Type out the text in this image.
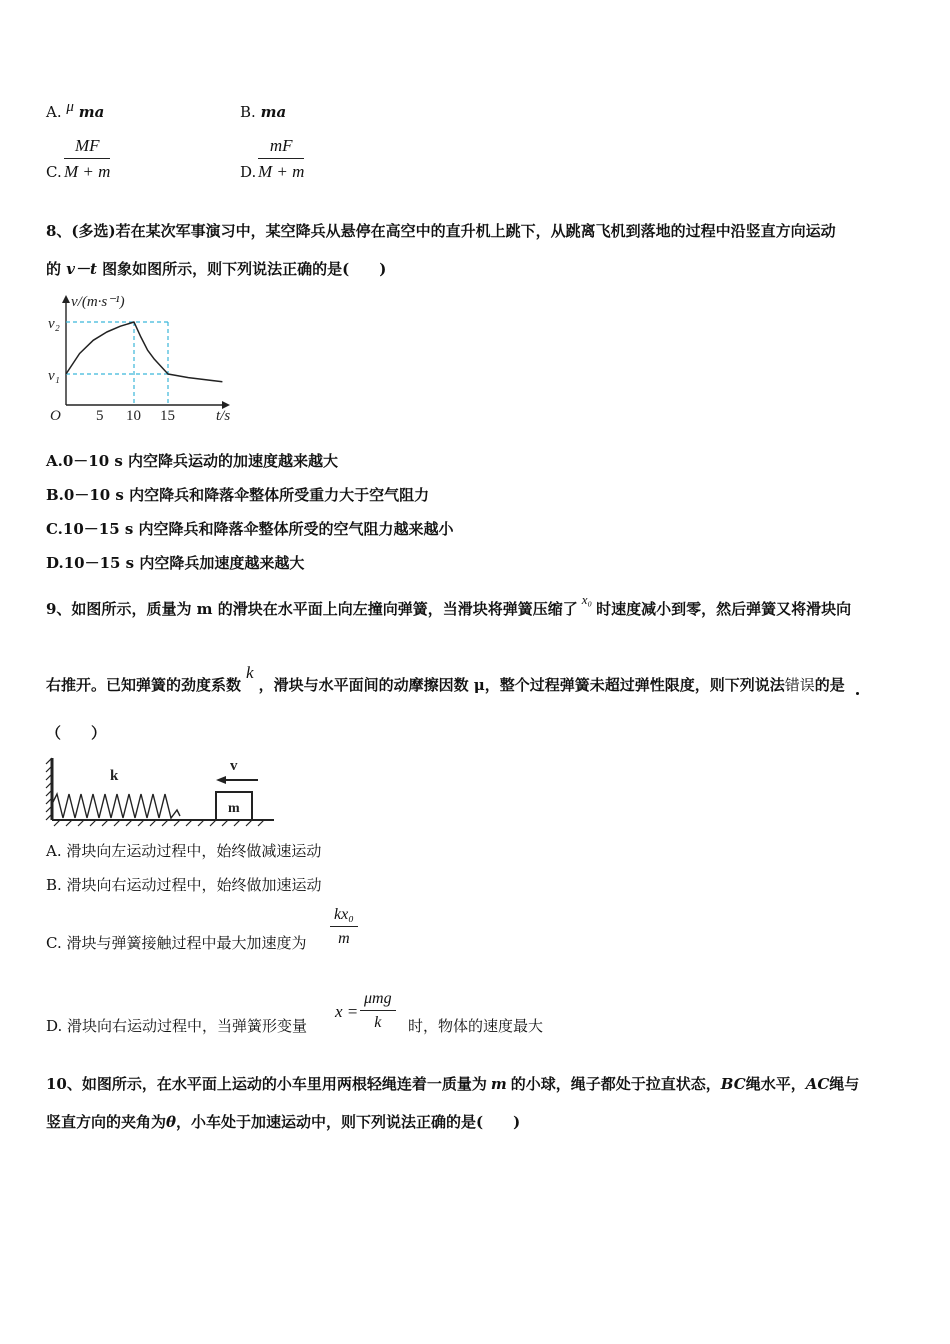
A. μ ma	B. ma
C. $\frac{MF}{M + m}$	D. $\frac{mF}{M + m}$
8、(多选)若在某次军事演习中，某空降兵从悬停在高空中的直升机上跳下，从跳离飞机到落地的过程中沿竖直方向运动
的 v－t 图象如图所示，则下列说法正确的是(　　)
v/(m·s⁻¹)
t/s
O 5 10 15
v₁
v₂
A.0－10 s 内空降兵运动的加速度越来越大
B.0－10 s 内空降兵和降落伞整体所受重力大于空气阻力
C.10－15 s 内空降兵和降落伞整体所受的空气阻力越来越小
D.10－15 s 内空降兵加速度越来越大
9、如图所示，质量为 m 的滑块在水平面上向左撞向弹簧，当滑块将弹簧压缩了x₀时速度减小到零，然后弹簧又将滑块向
右推开。已知弹簧的劲度系数k，滑块与水平面间的动摩擦因数 μ，整个过程弹簧未超过弹性限度，则下列说法错误的是
（　　）
k
m
v
A. 滑块向左运动过程中，始终做减速运动
B. 滑块向右运动过程中，始终做加速运动
C. 滑块与弹簧接触过程中最大加速度为 $\frac{\text{kx₀}}{m}$
D. 滑块向右运动过程中，当弹簧形变量
x =
μmg
k	时，物体的速度最大
10、如图所示，在水平面上运动的小车里用两根轻绳连着一质量为 m 的小球，绳子都处于拉直状态，BC绳水平，AC绳与
竖直方向的夹角为θ，小车处于加速运动中，则下列说法正确的是(　　)
